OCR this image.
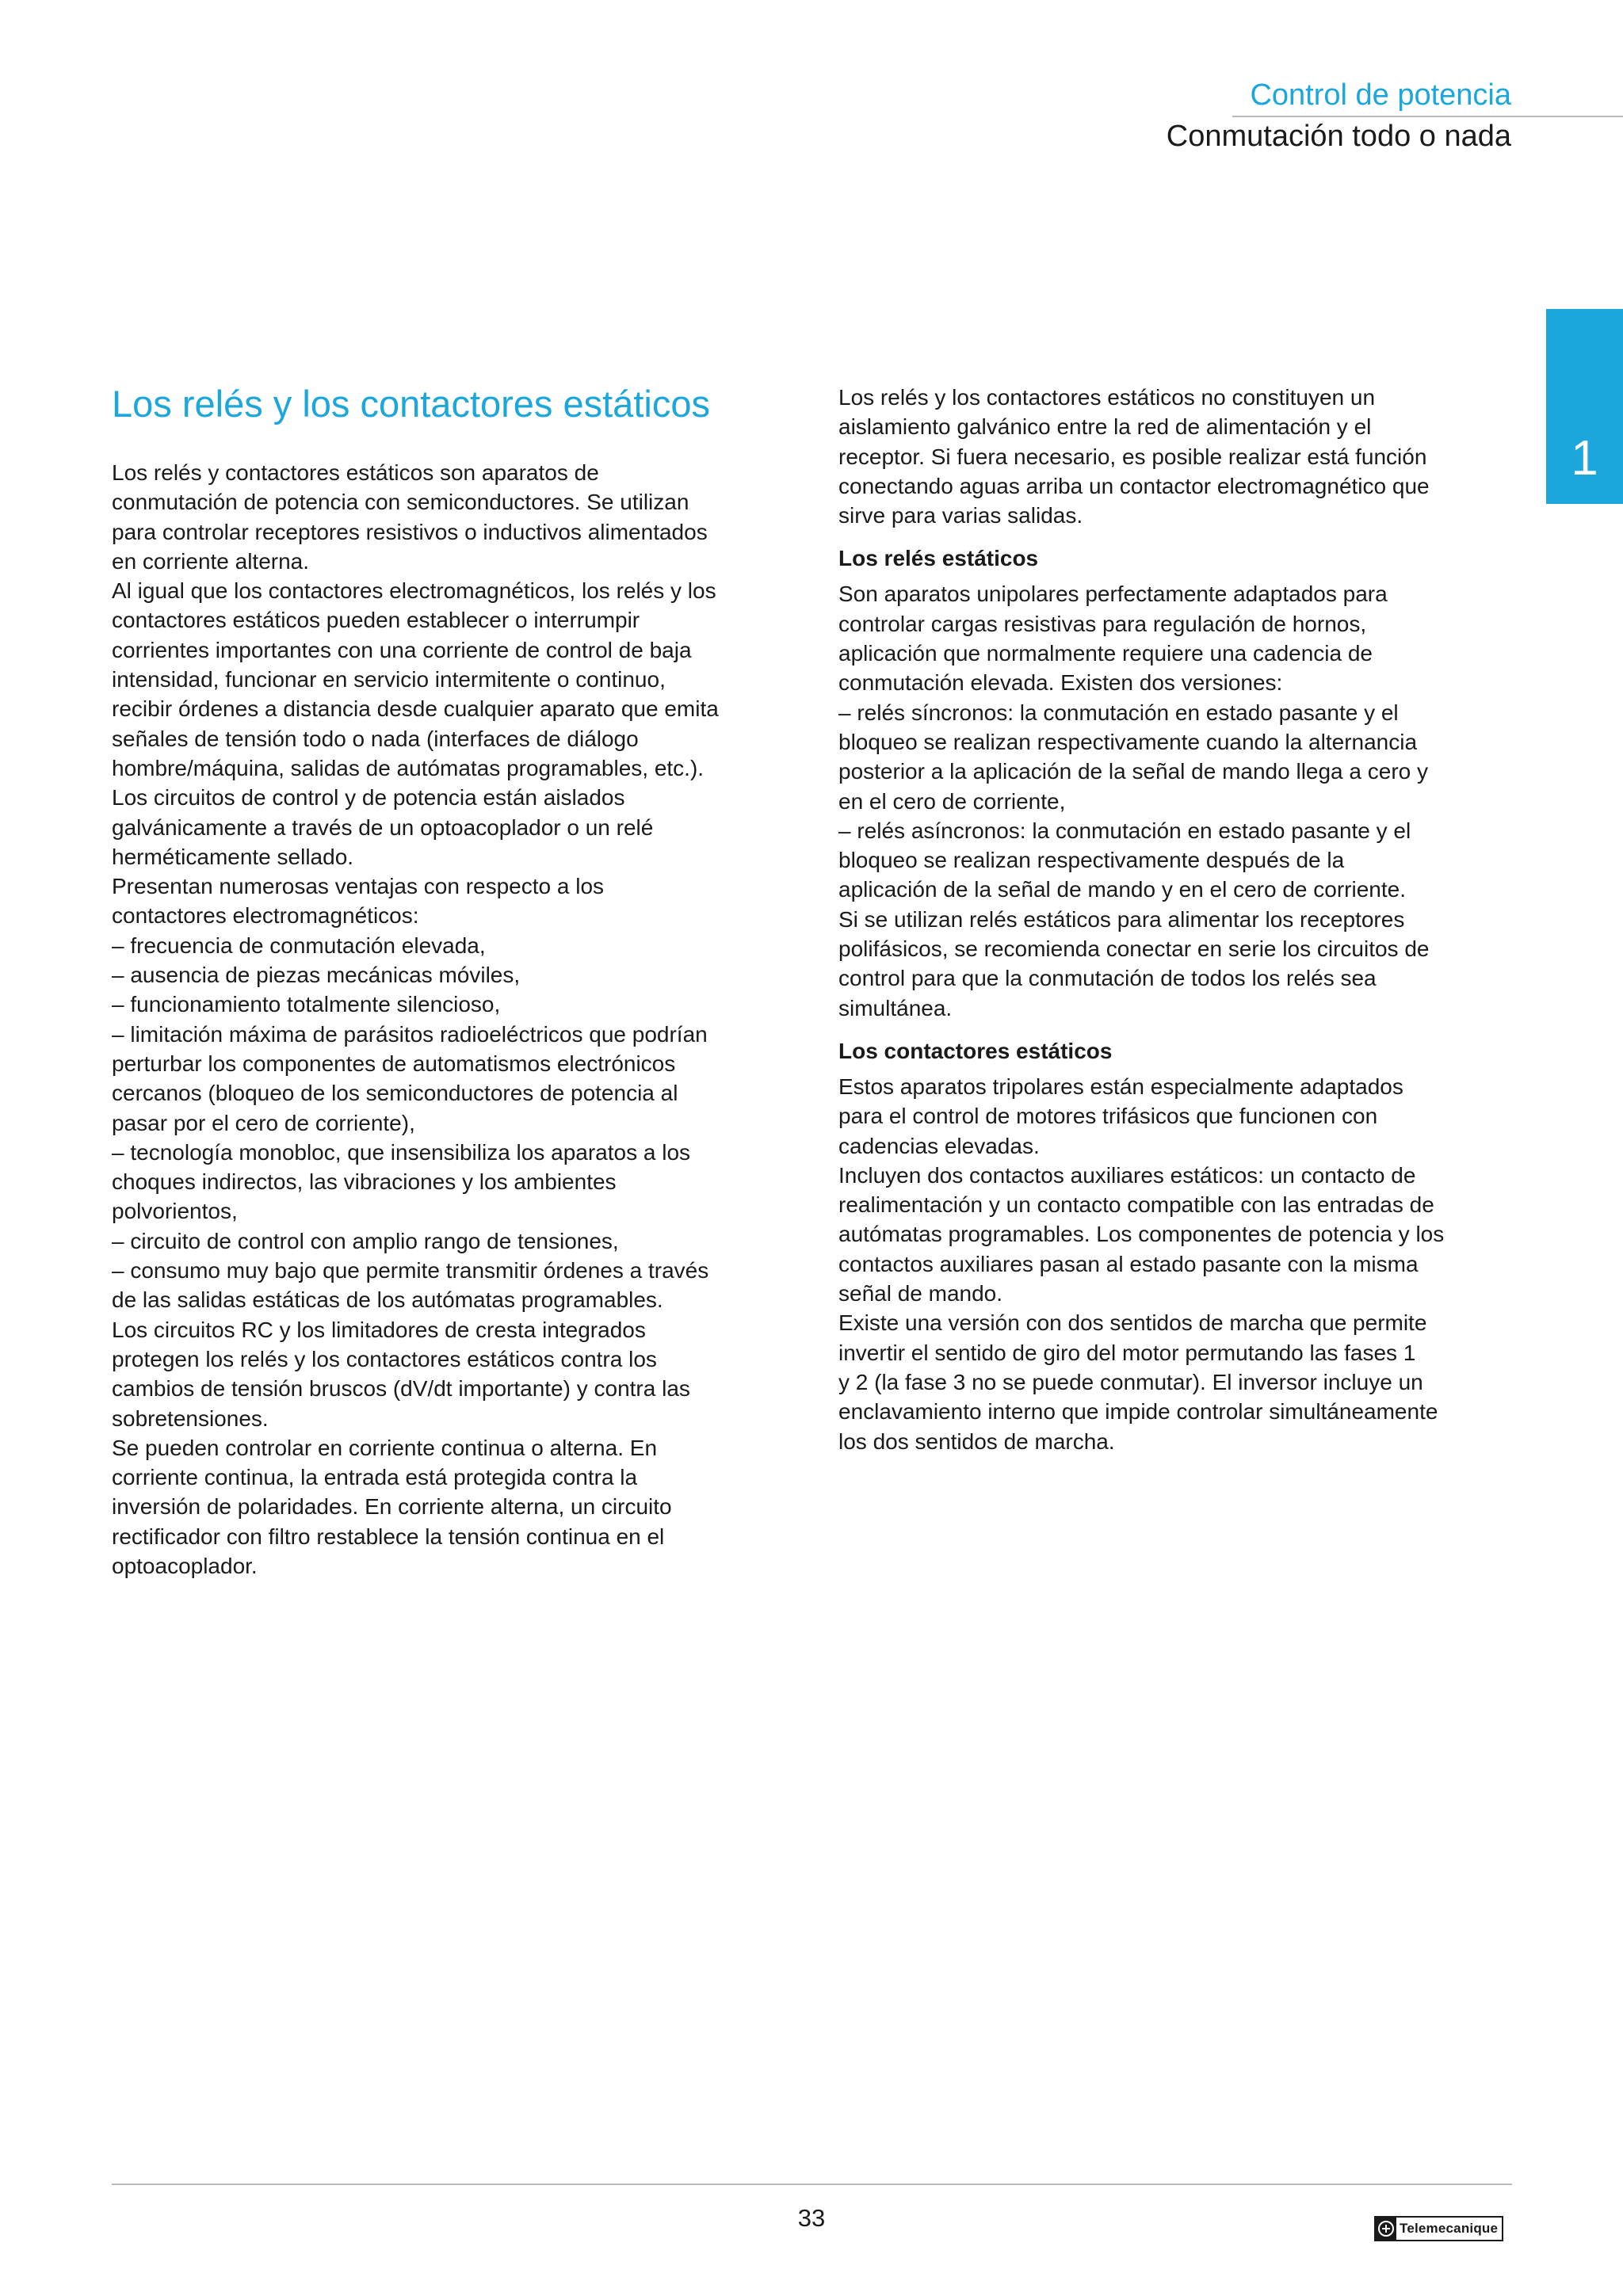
Control de potencia
Conmutación todo o nada
1
Los relés y los contactores estáticos

Los relés y contactores estáticos son aparatos de
conmutación de potencia con semiconductores. Se utilizan
para controlar receptores resistivos o inductivos alimentados
en corriente alterna.
Al igual que los contactores electromagnéticos, los relés y los
contactores estáticos pueden establecer o interrumpir
corrientes importantes con una corriente de control de baja
intensidad, funcionar en servicio intermitente o continuo,
recibir órdenes a distancia desde cualquier aparato que emita
señales de tensión todo o nada (interfaces de diálogo
hombre/máquina, salidas de autómatas programables, etc.).
Los circuitos de control y de potencia están aislados
galvánicamente a través de un optoacoplador o un relé
herméticamente sellado.
Presentan numerosas ventajas con respecto a los
contactores electromagnéticos:
– frecuencia de conmutación elevada,
– ausencia de piezas mecánicas móviles,
– funcionamiento totalmente silencioso,
– limitación máxima de parásitos radioeléctricos que podrían
perturbar los componentes de automatismos electrónicos
cercanos (bloqueo de los semiconductores de potencia al
pasar por el cero de corriente),
– tecnología monobloc, que insensibiliza los aparatos a los
choques indirectos, las vibraciones y los ambientes
polvorientos,
– circuito de control con amplio rango de tensiones,
– consumo muy bajo que permite transmitir órdenes a través
de las salidas estáticas de los autómatas programables.
Los circuitos RC y los limitadores de cresta integrados
protegen los relés y los contactores estáticos contra los
cambios de tensión bruscos (dV/dt importante) y contra las
sobretensiones.
Se pueden controlar en corriente continua o alterna. En
corriente continua, la entrada está protegida contra la
inversión de polaridades. En corriente alterna, un circuito
rectificador con filtro restablece la tensión continua en el
optoacoplador.

Los relés y los contactores estáticos no constituyen un
aislamiento galvánico entre la red de alimentación y el
receptor. Si fuera necesario, es posible realizar está función
conectando aguas arriba un contactor electromagnético que
sirve para varias salidas.

Los relés estáticos

Son aparatos unipolares perfectamente adaptados para
controlar cargas resistivas para regulación de hornos,
aplicación que normalmente requiere una cadencia de
conmutación elevada. Existen dos versiones:
– relés síncronos: la conmutación en estado pasante y el
bloqueo se realizan respectivamente cuando la alternancia
posterior a la aplicación de la señal de mando llega a cero y
en el cero de corriente,
– relés asíncronos: la conmutación en estado pasante y el
bloqueo se realizan respectivamente después de la
aplicación de la señal de mando y en el cero de corriente.
Si se utilizan relés estáticos para alimentar los receptores
polifásicos, se recomienda conectar en serie los circuitos de
control para que la conmutación de todos los relés sea
simultánea.

Los contactores estáticos

Estos aparatos tripolares están especialmente adaptados
para el control de motores trifásicos que funcionen con
cadencias elevadas.
Incluyen dos contactos auxiliares estáticos: un contacto de
realimentación y un contacto compatible con las entradas de
autómatas programables. Los componentes de potencia y los
contactos auxiliares pasan al estado pasante con la misma
señal de mando.
Existe una versión con dos sentidos de marcha que permite
invertir el sentido de giro del motor permutando las fases 1
y 2 (la fase 3 no se puede conmutar). El inversor incluye un
enclavamiento interno que impide controlar simultáneamente
los dos sentidos de marcha.

33	Telemecanique
